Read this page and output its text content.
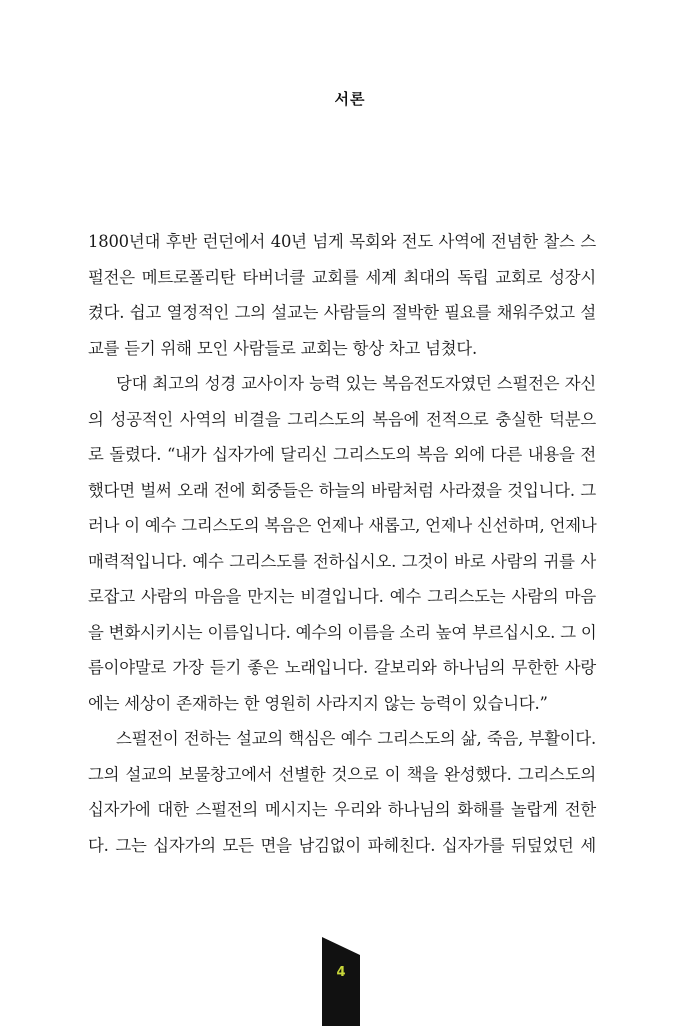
서론
1800년대 후반 런던에서 40년 넘게 목회와 전도 사역에 전념한 찰스 스
펄전은 메트로폴리탄 타버너클 교회를 세계 최대의 독립 교회로 성장시
켰다. 쉽고 열정적인 그의 설교는 사람들의 절박한 필요를 채워주었고 설
교를 듣기 위해 모인 사람들로 교회는 항상 차고 넘쳤다.
당대 최고의 성경 교사이자 능력 있는 복음전도자였던 스펄전은 자신
의 성공적인 사역의 비결을 그리스도의 복음에 전적으로 충실한 덕분으
로 돌렸다. “내가 십자가에 달리신 그리스도의 복음 외에 다른 내용을 전
했다면 벌써 오래 전에 회중들은 하늘의 바람처럼 사라졌을 것입니다. 그
러나 이 예수 그리스도의 복음은 언제나 새롭고, 언제나 신선하며, 언제나
매력적입니다. 예수 그리스도를 전하십시오. 그것이 바로 사람의 귀를 사
로잡고 사람의 마음을 만지는 비결입니다. 예수 그리스도는 사람의 마음
을 변화시키시는 이름입니다. 예수의 이름을 소리 높여 부르십시오. 그 이
름이야말로 가장 듣기 좋은 노래입니다. 갈보리와 하나님의 무한한 사랑
에는 세상이 존재하는 한 영원히 사라지지 않는 능력이 있습니다.”
스펄전이 전하는 설교의 핵심은 예수 그리스도의 삶, 죽음, 부활이다.
그의 설교의 보물창고에서 선별한 것으로 이 책을 완성했다. 그리스도의
십자가에 대한 스펄전의 메시지는 우리와 하나님의 화해를 놀랍게 전한
다. 그는 십자가의 모든 면을 남김없이 파헤친다. 십자가를 뒤덮었던 세
4
